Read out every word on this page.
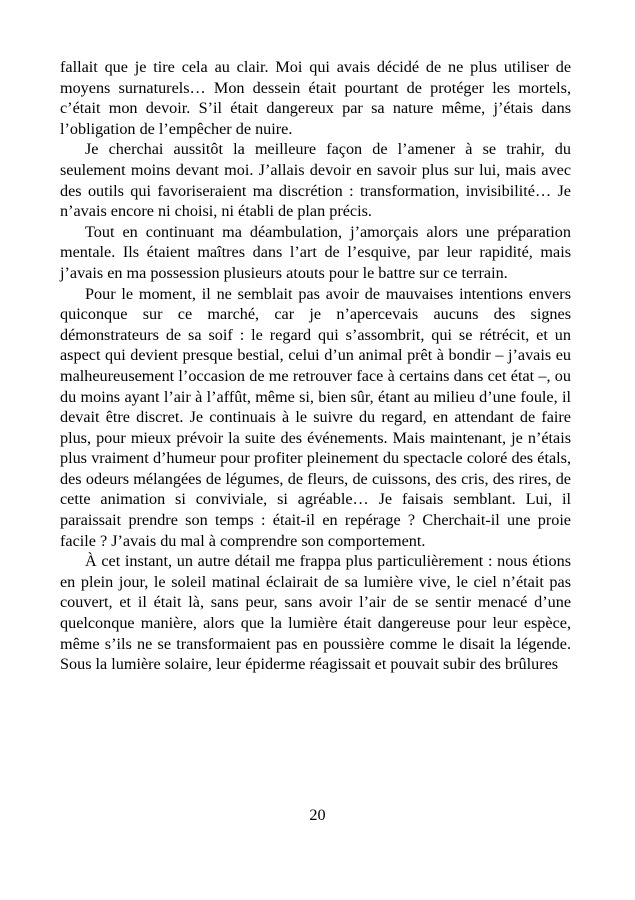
fallait que je tire cela au clair. Moi qui avais décidé de ne plus utiliser de moyens surnaturels… Mon dessein était pourtant de protéger les mortels, c’était mon devoir. S’il était dangereux par sa nature même, j’étais dans l’obligation de l’empêcher de nuire.

Je cherchai aussitôt la meilleure façon de l’amener à se trahir, du seulement moins devant moi. J’allais devoir en savoir plus sur lui, mais avec des outils qui favoriseraient ma discrétion : transformation, invisibilité… Je n’avais encore ni choisi, ni établi de plan précis.

Tout en continuant ma déambulation, j’amorçais alors une préparation mentale. Ils étaient maîtres dans l’art de l’esquive, par leur rapidité, mais j’avais en ma possession plusieurs atouts pour le battre sur ce terrain.

Pour le moment, il ne semblait pas avoir de mauvaises intentions envers quiconque sur ce marché, car je n’apercevais aucuns des signes démonstrateurs de sa soif : le regard qui s’assombrit, qui se rétrécit, et un aspect qui devient presque bestial, celui d’un animal prêt à bondir – j’avais eu malheureusement l’occasion de me retrouver face à certains dans cet état –, ou du moins ayant l’air à l’affût, même si, bien sûr, étant au milieu d’une foule, il devait être discret. Je continuais à le suivre du regard, en attendant de faire plus, pour mieux prévoir la suite des événements. Mais maintenant, je n’étais plus vraiment d’humeur pour profiter pleinement du spectacle coloré des étals, des odeurs mélangées de légumes, de fleurs, de cuissons, des cris, des rires, de cette animation si conviviale, si agréable… Je faisais semblant. Lui, il paraissait prendre son temps : était-il en repérage ? Cherchait-il une proie facile ? J’avais du mal à comprendre son comportement.

À cet instant, un autre détail me frappa plus particulièrement : nous étions en plein jour, le soleil matinal éclairait de sa lumière vive, le ciel n’était pas couvert, et il était là, sans peur, sans avoir l’air de se sentir menacé d’une quelconque manière, alors que la lumière était dangereuse pour leur espèce, même s’ils ne se transformaient pas en poussière comme le disait la légende. Sous la lumière solaire, leur épiderme réagissait et pouvait subir des brûlures

20
